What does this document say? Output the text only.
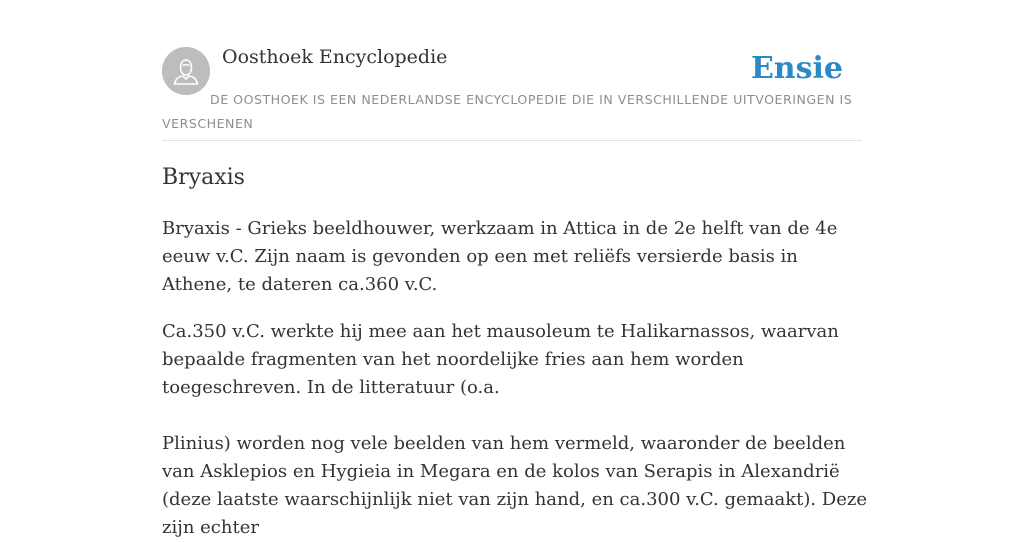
Oosthoek Encyclopedie	Ensie
DE OOSTHOEK IS EEN NEDERLANDSE ENCYCLOPEDIE DIE IN VERSCHILLENDE UITVOERINGEN IS VERSCHENEN
Bryaxis

Bryaxis - Grieks beeldhouwer, werkzaam in Attica in de 2e helft van de 4e eeuw v.C. Zijn naam is gevonden op een met reliëfs versierde basis in Athene, te dateren ca.360 v.C.

Ca.350 v.C. werkte hij mee aan het mausoleum te Halikarnassos, waarvan bepaalde fragmenten van het noordelijke fries aan hem worden toegeschreven. In de litteratuur (o.a.

Plinius) worden nog vele beelden van hem vermeld, waaronder de beelden van Asklepios en Hygieia in Megara en de kolos van Serapis in Alexandrië (deze laatste waarschijnlijk niet van zijn hand, en ca.300 v.C. gemaakt). Deze zijn echter
